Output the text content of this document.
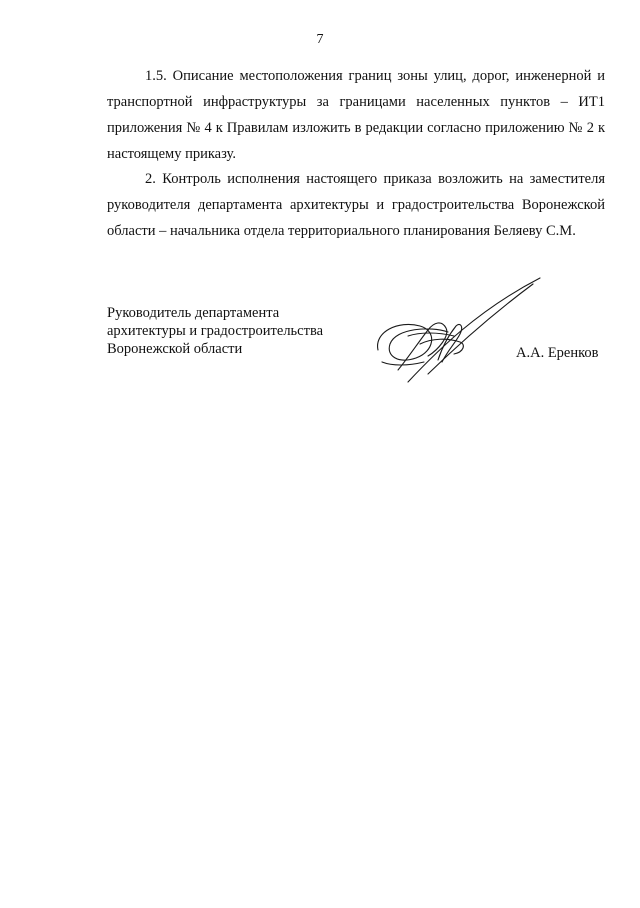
7
1.5. Описание местоположения границ зоны улиц, дорог, инженерной и транспортной инфраструктуры за границами населенных пунктов – ИТ1 приложения № 4 к Правилам изложить в редакции согласно приложению № 2 к настоящему приказу.
2. Контроль исполнения настоящего приказа возложить на заместителя руководителя департамента архитектуры и градостроительства Воронежской области – начальника отдела территориального планирования Беляеву С.М.
Руководитель департамента
архитектуры и градостроительства
Воронежской области	А.А. Еренков
